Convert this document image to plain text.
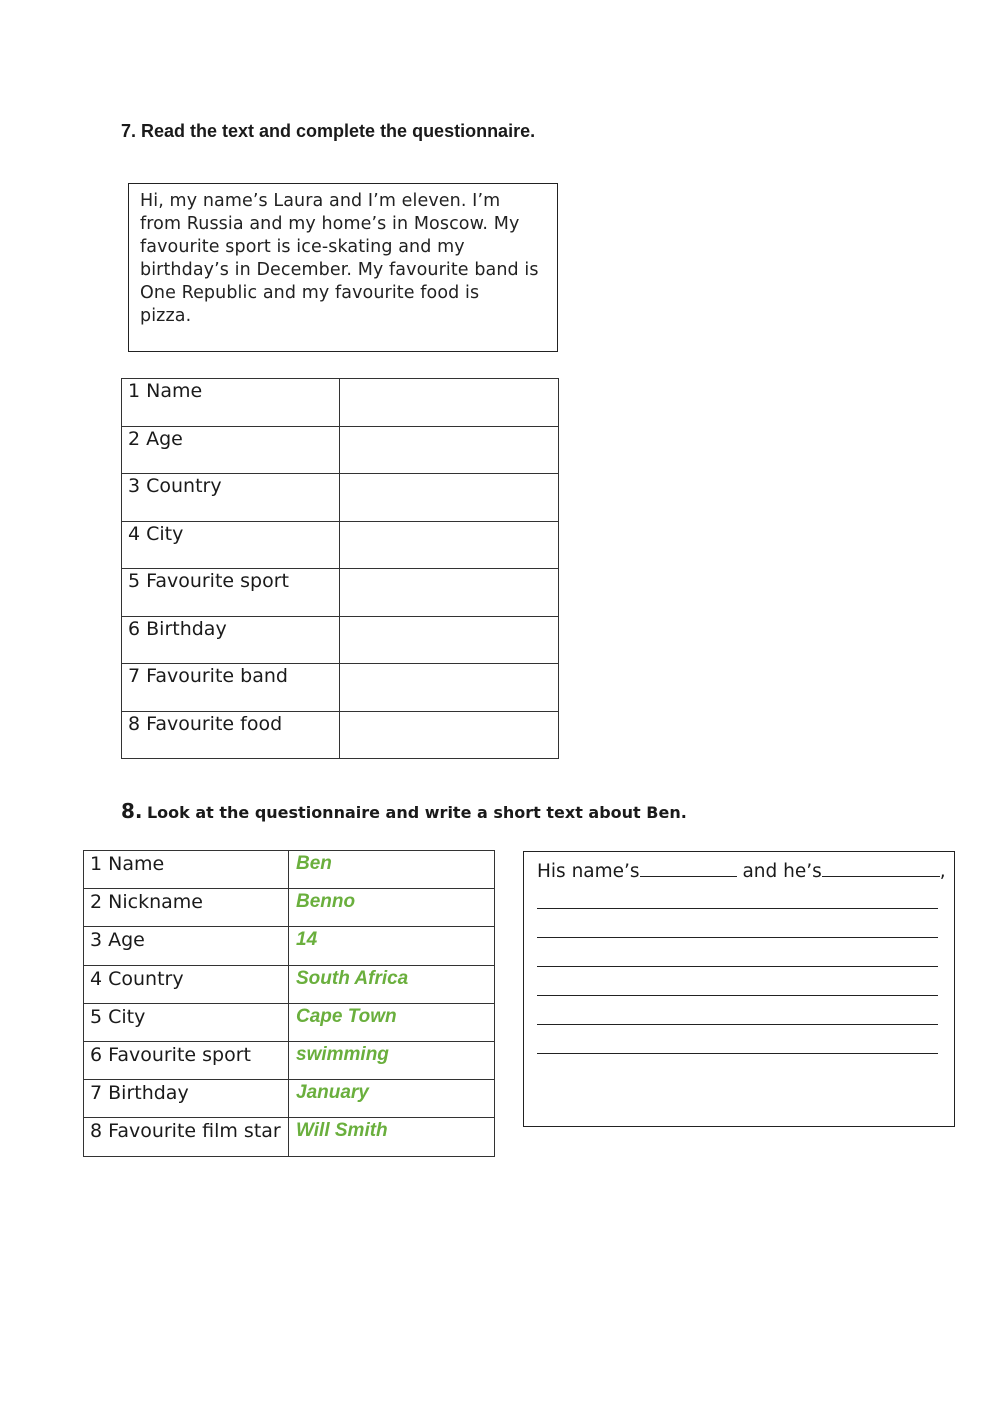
7. Read the text and complete the questionnaire.
Hi, my name’s Laura and I’m eleven. I’m
from Russia and my home’s in Moscow. My
favourite sport is ice-skating and my
birthday’s in December. My favourite band is
One Republic and my favourite food is
pizza.
1 Name	
2 Age	
3 Country	
4 City	
5 Favourite sport	
6 Birthday	
7 Favourite band	
8 Favourite food	
8. Look at the questionnaire and write a short text about Ben.
1 Name	Ben
2 Nickname	Benno
3 Age	14
4 Country	South Africa
5 City	Cape Town
6 Favourite sport	swimming
7 Birthday	January
8 Favourite film star	Will Smith
His name’s	and he’s	,
